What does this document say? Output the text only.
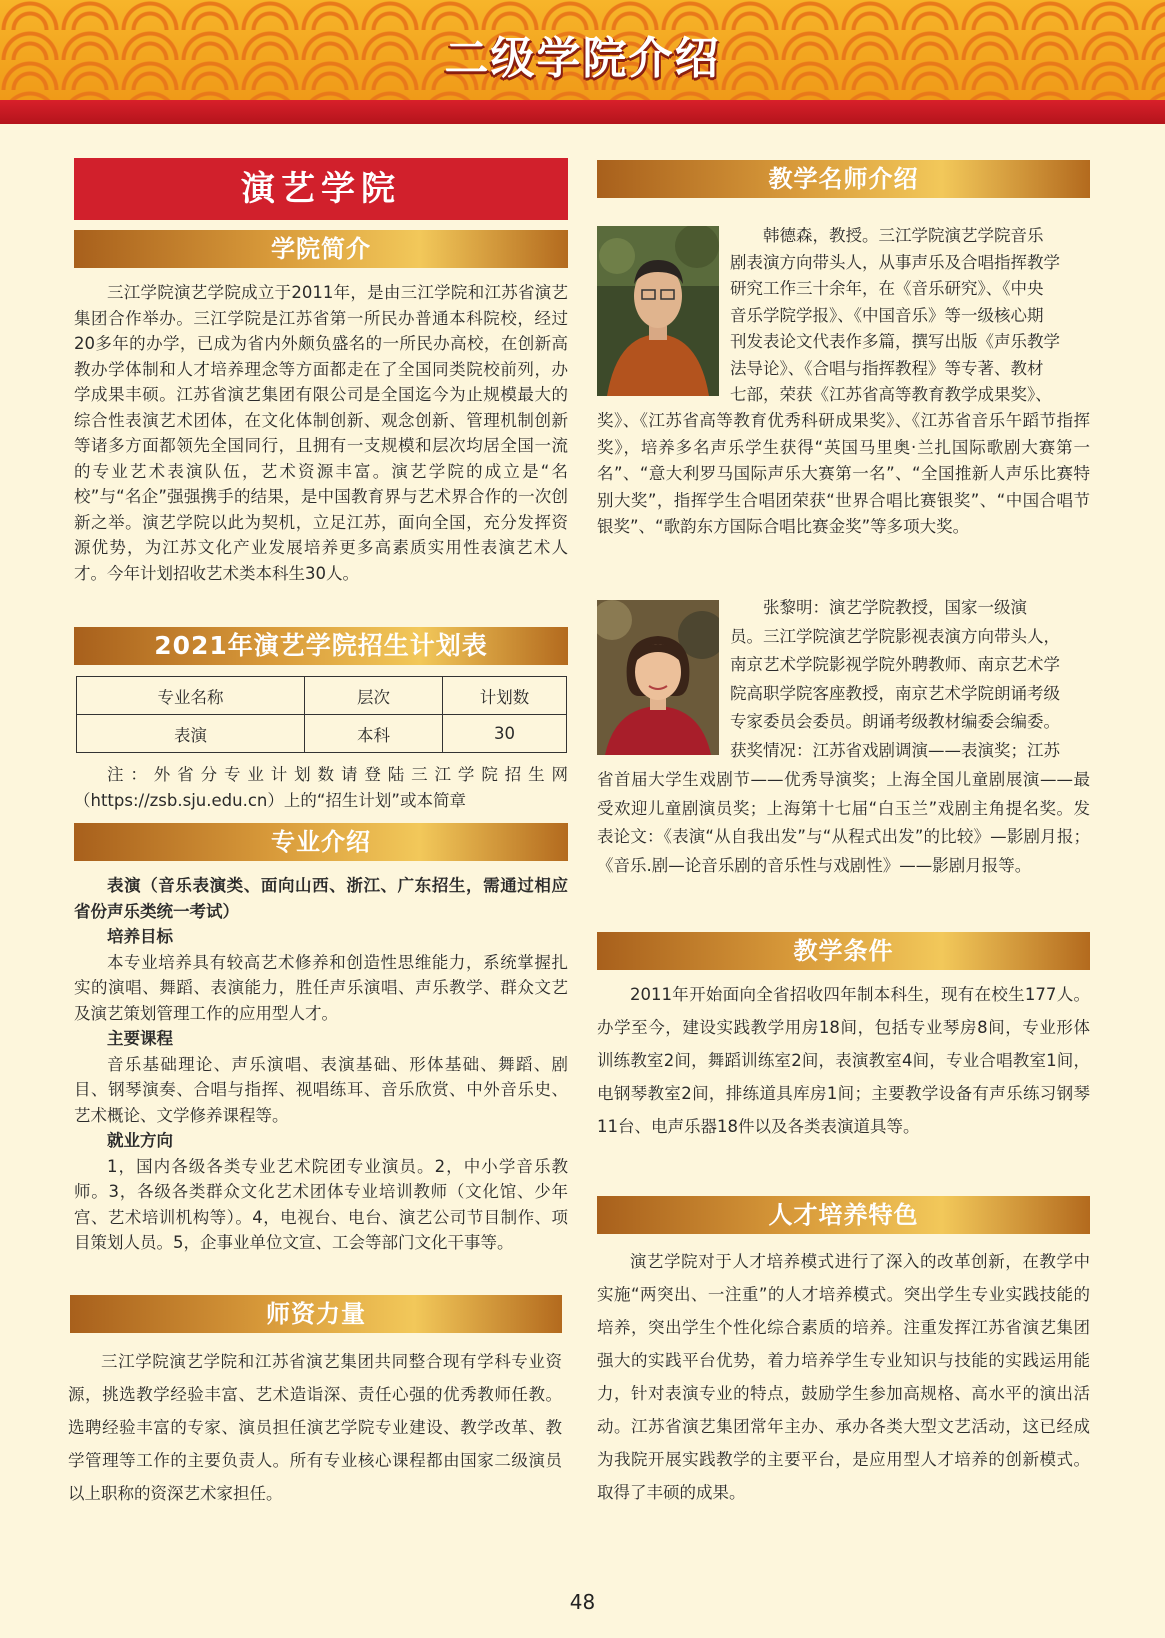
二级学院介绍
演艺学院
学院简介
三江学院演艺学院成立于2011年，是由三江学院和江苏省演艺集团合作举办。三江学院是江苏省第一所民办普通本科院校，经过20多年的办学，已成为省内外颇负盛名的一所民办高校，在创新高教办学体制和人才培养理念等方面都走在了全国同类院校前列，办学成果丰硕。江苏省演艺集团有限公司是全国迄今为止规模最大的综合性表演艺术团体，在文化体制创新、观念创新、管理机制创新等诸多方面都领先全国同行，且拥有一支规模和层次均居全国一流的专业艺术表演队伍，艺术资源丰富。演艺学院的成立是“名校”与“名企”强强携手的结果，是中国教育界与艺术界合作的一次创新之举。演艺学院以此为契机，立足江苏，面向全国，充分发挥资源优势，为江苏文化产业发展培养更多高素质实用性表演艺术人才。今年计划招收艺术类本科生30人。
2021年演艺学院招生计划表
专业名称	层次	计划数
表演	本科	30
注：外省分专业计划数请登陆三江学院招生网（https://zsb.sju.edu.cn）上的“招生计划”或本简章
专业介绍
表演（音乐表演类、面向山西、浙江、广东招生，需通过相应省份声乐类统一考试）
培养目标
本专业培养具有较高艺术修养和创造性思维能力，系统掌握扎实的演唱、舞蹈、表演能力，胜任声乐演唱、声乐教学、群众文艺及演艺策划管理工作的应用型人才。
主要课程
音乐基础理论、声乐演唱、表演基础、形体基础、舞蹈、剧目、钢琴演奏、合唱与指挥、视唱练耳、音乐欣赏、中外音乐史、艺术概论、文学修养课程等。
就业方向
1，国内各级各类专业艺术院团专业演员。2，中小学音乐教师。3，各级各类群众文化艺术团体专业培训教师（文化馆、少年宫、艺术培训机构等）。4，电视台、电台、演艺公司节目制作、项目策划人员。5，企事业单位文宣、工会等部门文化干事等。
师资力量
三江学院演艺学院和江苏省演艺集团共同整合现有学科专业资源，挑选教学经验丰富、艺术造诣深、责任心强的优秀教师任教。选聘经验丰富的专家、演员担任演艺学院专业建设、教学改革、教学管理等工作的主要负责人。所有专业核心课程都由国家二级演员以上职称的资深艺术家担任。
教学名师介绍
韩德森，教授。三江学院演艺学院音乐
剧表演方向带头人，从事声乐及合唱指挥教学
研究工作三十余年，在《音乐研究》、《中央
音乐学院学报》、《中国音乐》等一级核心期
刊发表论文代表作多篇，撰写出版《声乐教学
法导论》、《合唱与指挥教程》等专著、教材
七部，荣获《江苏省高等教育教学成果奖》、
奖》、《江苏省高等教育优秀科研成果奖》、《江苏省音乐午蹈节指挥奖》，培养多名声乐学生获得“英国马里奥·兰扎国际歌剧大赛第一名”、“意大利罗马国际声乐大赛第一名”、“全国推新人声乐比赛特别大奖”，指挥学生合唱团荣获“世界合唱比赛银奖”、“中国合唱节银奖”、“歌韵东方国际合唱比赛金奖”等多项大奖。
张黎明：演艺学院教授，国家一级演
员。三江学院演艺学院影视表演方向带头人，
南京艺术学院影视学院外聘教师、南京艺术学
院高职学院客座教授，南京艺术学院朗诵考级
专家委员会委员。朗诵考级教材编委会编委。
获奖情况：江苏省戏剧调演——表演奖；江苏
省首届大学生戏剧节——优秀导演奖；上海全国儿童剧展演——最受欢迎儿童剧演员奖；上海第十七届“白玉兰”戏剧主角提名奖。发表论文：《表演“从自我出发”与“从程式出发”的比较》—影剧月报；《音乐.剧—论音乐剧的音乐性与戏剧性》——影剧月报等。
教学条件
2011年开始面向全省招收四年制本科生，现有在校生177人。办学至今，建设实践教学用房18间，包括专业琴房8间，专业形体训练教室2间，舞蹈训练室2间，表演教室4间，专业合唱教室1间，电钢琴教室2间，排练道具库房1间；主要教学设备有声乐练习钢琴11台、电声乐器18件以及各类表演道具等。
人才培养特色
演艺学院对于人才培养模式进行了深入的改革创新，在教学中实施“两突出、一注重”的人才培养模式。突出学生专业实践技能的培养，突出学生个性化综合素质的培养。注重发挥江苏省演艺集团强大的实践平台优势，着力培养学生专业知识与技能的实践运用能力，针对表演专业的特点，鼓励学生参加高规格、高水平的演出活动。江苏省演艺集团常年主办、承办各类大型文艺活动，这已经成为我院开展实践教学的主要平台，是应用型人才培养的创新模式。取得了丰硕的成果。
48
